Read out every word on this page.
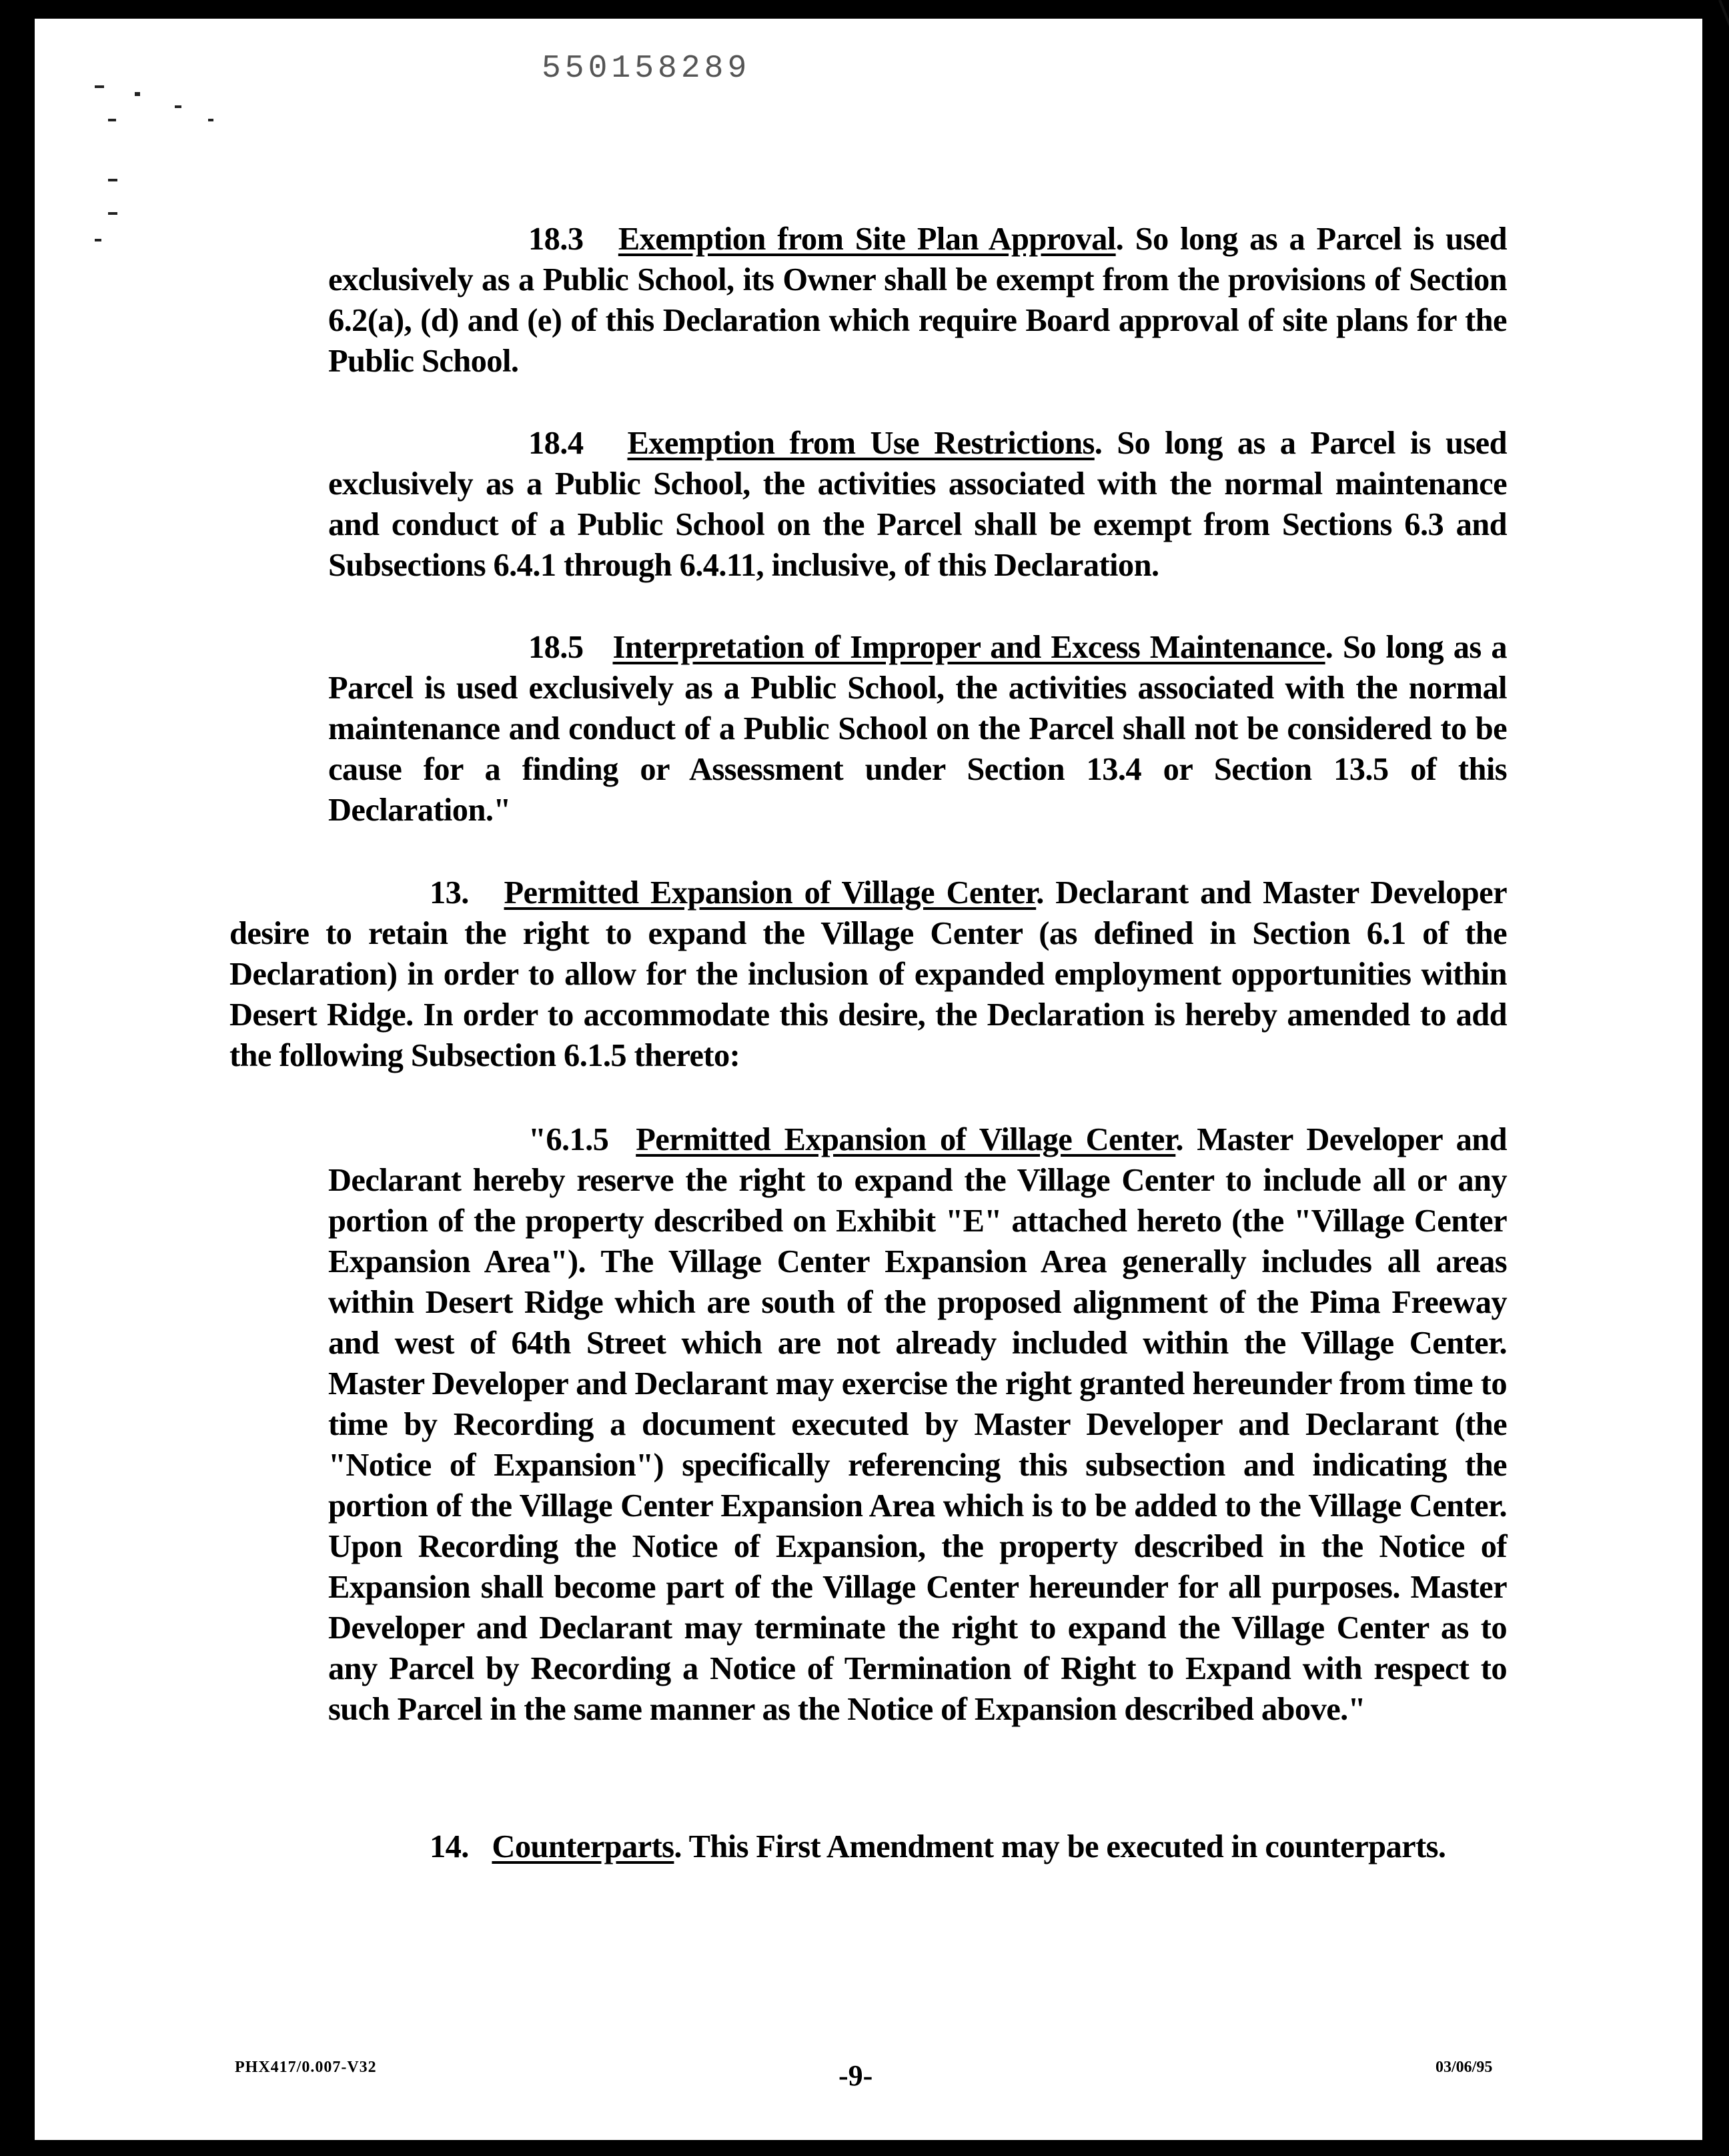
550158289
18.3 Exemption from Site Plan Approval. So long as a Parcel is used exclusively as a Public School, its Owner shall be exempt from the provisions of Section 6.2(a), (d) and (e) of this Declaration which require Board approval of site plans for the Public School.
18.4 Exemption from Use Restrictions. So long as a Parcel is used exclusively as a Public School, the activities associated with the normal maintenance and conduct of a Public School on the Parcel shall be exempt from Sections 6.3 and Subsections 6.4.1 through 6.4.11, inclusive, of this Declaration.
18.5 Interpretation of Improper and Excess Maintenance. So long as a Parcel is used exclusively as a Public School, the activities associated with the normal maintenance and conduct of a Public School on the Parcel shall not be considered to be cause for a finding or Assessment under Section 13.4 or Section 13.5 of this Declaration."
13. Permitted Expansion of Village Center. Declarant and Master Developer desire to retain the right to expand the Village Center (as defined in Section 6.1 of the Declaration) in order to allow for the inclusion of expanded employment opportunities within Desert Ridge. In order to accommodate this desire, the Declaration is hereby amended to add the following Subsection 6.1.5 thereto:
"6.1.5 Permitted Expansion of Village Center. Master Developer and Declarant hereby reserve the right to expand the Village Center to include all or any portion of the property described on Exhibit "E" attached hereto (the "Village Center Expansion Area"). The Village Center Expansion Area generally includes all areas within Desert Ridge which are south of the proposed alignment of the Pima Freeway and west of 64th Street which are not already included within the Village Center. Master Developer and Declarant may exercise the right granted hereunder from time to time by Recording a document executed by Master Developer and Declarant (the "Notice of Expansion") specifically referencing this subsection and indicating the portion of the Village Center Expansion Area which is to be added to the Village Center. Upon Recording the Notice of Expansion, the property described in the Notice of Expansion shall become part of the Village Center hereunder for all purposes. Master Developer and Declarant may terminate the right to expand the Village Center as to any Parcel by Recording a Notice of Termination of Right to Expand with respect to such Parcel in the same manner as the Notice of Expansion described above."
14. Counterparts. This First Amendment may be executed in counterparts.
PHX417/0.007-V32	-9-	03/06/95
